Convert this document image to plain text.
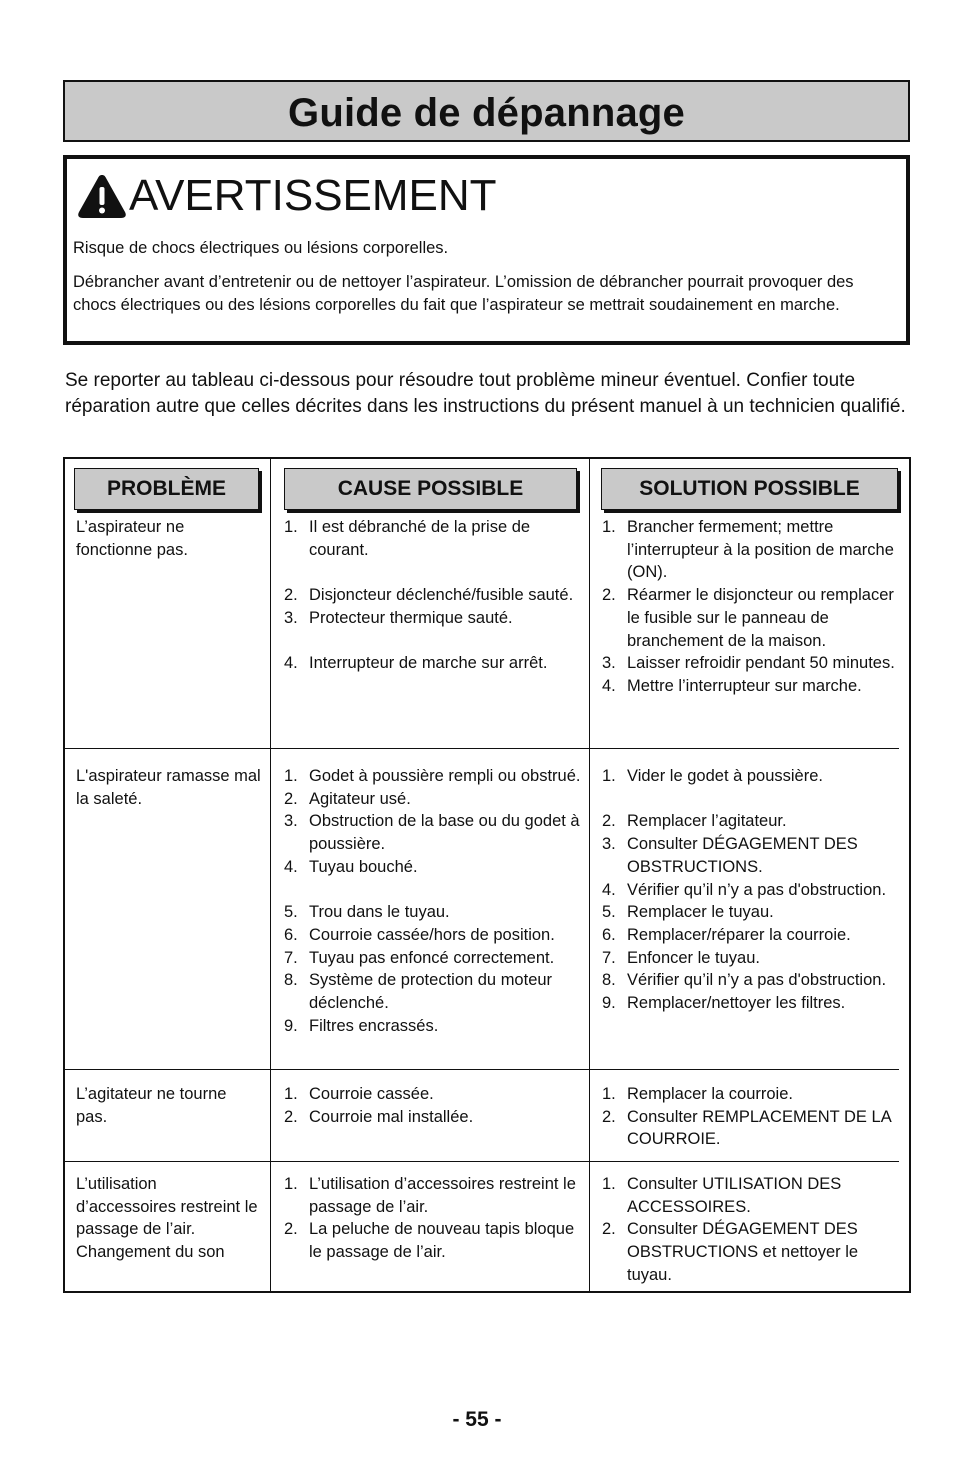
Guide de dépannage
AVERTISSEMENT

Risque de chocs électriques ou lésions corporelles.

Débrancher avant d’entretenir ou de nettoyer l’aspirateur. L’omission de débrancher pourrait provoquer des chocs électriques ou des lésions corporelles du fait que l’aspirateur se mettrait soudainement en marche.

Se reporter au tableau ci-dessous pour résoudre tout problème mineur éventuel. Confier toute réparation autre que celles décrites dans les instructions du présent manuel à un technicien qualifié.

PROBLÈME	CAUSE POSSIBLE	SOLUTION POSSIBLE

L’aspirateur ne fonctionne pas.

1. Il est débranché de la prise de courant.
2. Disjoncteur déclenché/fusible sauté.
3. Protecteur thermique sauté.
4. Interrupteur de marche sur arrêt.
1. Brancher fermement; mettre l’interrupteur à la position de marche (ON).
2. Réarmer le disjoncteur ou remplacer le fusible sur le panneau de branchement de la maison.
3. Laisser refroidir pendant 50 minutes.
4. Mettre l’interrupteur sur marche.

L'aspirateur ramasse mal la saleté.

1. Godet à poussière rempli ou obstrué.
2. Agitateur usé.
3. Obstruction de la base ou du godet à poussière.
4. Tuyau bouché.
5. Trou dans le tuyau.
6. Courroie cassée/hors de position.
7. Tuyau pas enfoncé correctement.
8. Système de protection du moteur déclenché.
9. Filtres encrassés.
1. Vider le godet à poussière.
2. Remplacer l’agitateur.
3. Consulter DÉGAGEMENT DES OBSTRUCTIONS.
4. Vérifier qu’il n’y a pas d'obstruction.
5. Remplacer le tuyau.
6. Remplacer/réparer la courroie.
7. Enfoncer le tuyau.
8. Vérifier qu’il n’y a pas d'obstruction.
9. Remplacer/nettoyer les filtres.

L’agitateur ne tourne pas.

1. Courroie cassée.
2. Courroie mal installée.
1. Remplacer la courroie.
2. Consulter REMPLACEMENT DE LA COURROIE.

L’utilisation d’accessoires restreint le passage de l’air. Changement du son

1. L’utilisation d’accessoires restreint le passage de l’air.
2. La peluche de nouveau tapis bloque le passage de l’air.
1. Consulter UTILISATION DES ACCESSOIRES.
2. Consulter DÉGAGEMENT DES OBSTRUCTIONS et nettoyer le tuyau.
- 55 -
